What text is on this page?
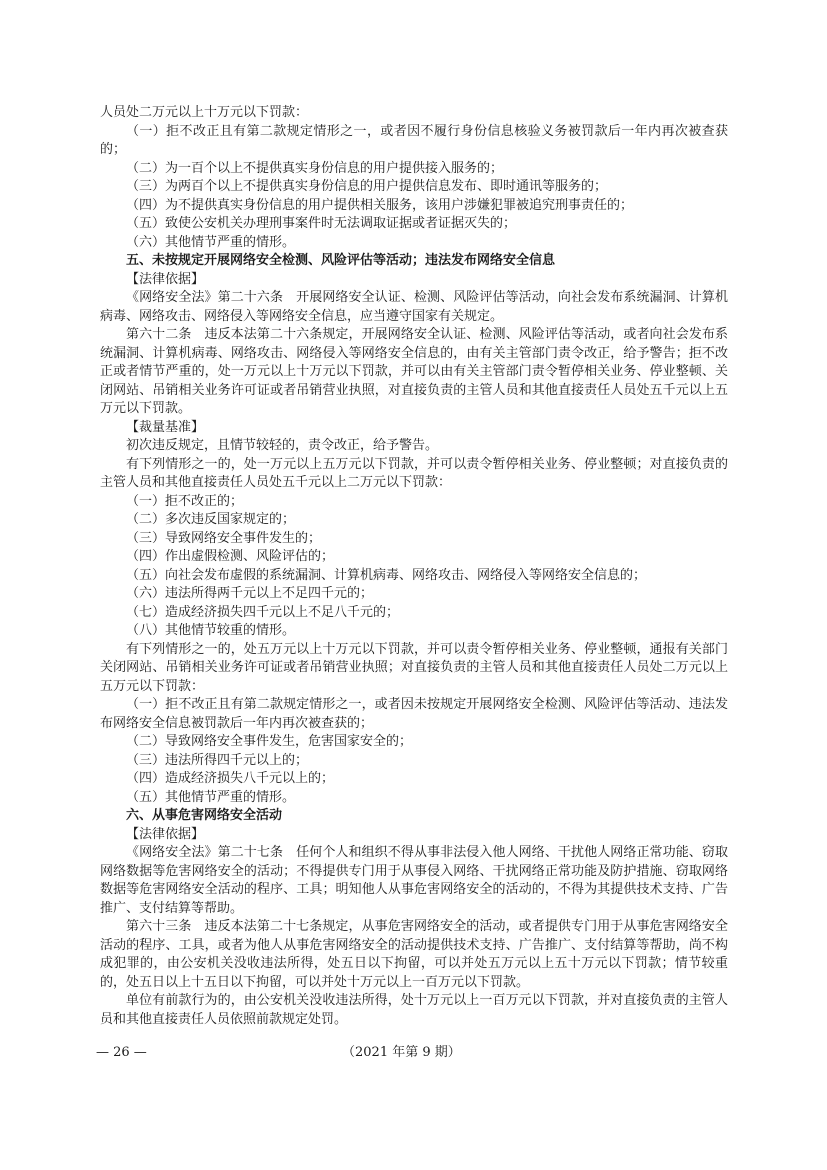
人员处二万元以上十万元以下罚款：

（一）拒不改正且有第二款规定情形之一，或者因不履行身份信息核验义务被罚款后一年内再次被查获的；

（二）为一百个以上不提供真实身份信息的用户提供接入服务的；

（三）为两百个以上不提供真实身份信息的用户提供信息发布、即时通讯等服务的；

（四）为不提供真实身份信息的用户提供相关服务，该用户涉嫌犯罪被追究刑事责任的；

（五）致使公安机关办理刑事案件时无法调取证据或者证据灭失的；

（六）其他情节严重的情形。

五、未按规定开展网络安全检测、风险评估等活动；违法发布网络安全信息

【法律依据】

《网络安全法》第二十六条　开展网络安全认证、检测、风险评估等活动，向社会发布系统漏洞、计算机病毒、网络攻击、网络侵入等网络安全信息，应当遵守国家有关规定。

第六十二条　违反本法第二十六条规定，开展网络安全认证、检测、风险评估等活动，或者向社会发布系统漏洞、计算机病毒、网络攻击、网络侵入等网络安全信息的，由有关主管部门责令改正，给予警告；拒不改正或者情节严重的，处一万元以上十万元以下罚款，并可以由有关主管部门责令暂停相关业务、停业整顿、关闭网站、吊销相关业务许可证或者吊销营业执照，对直接负责的主管人员和其他直接责任人员处五千元以上五万元以下罚款。

【裁量基准】

初次违反规定，且情节较轻的，责令改正，给予警告。

有下列情形之一的，处一万元以上五万元以下罚款，并可以责令暂停相关业务、停业整顿；对直接负责的主管人员和其他直接责任人员处五千元以上二万元以下罚款：

（一）拒不改正的；

（二）多次违反国家规定的；

（三）导致网络安全事件发生的；

（四）作出虚假检测、风险评估的；

（五）向社会发布虚假的系统漏洞、计算机病毒、网络攻击、网络侵入等网络安全信息的；

（六）违法所得两千元以上不足四千元的；

（七）造成经济损失四千元以上不足八千元的；

（八）其他情节较重的情形。

有下列情形之一的，处五万元以上十万元以下罚款，并可以责令暂停相关业务、停业整顿，通报有关部门关闭网站、吊销相关业务许可证或者吊销营业执照；对直接负责的主管人员和其他直接责任人员处二万元以上五万元以下罚款：

（一）拒不改正且有第二款规定情形之一，或者因未按规定开展网络安全检测、风险评估等活动、违法发布网络安全信息被罚款后一年内再次被查获的；

（二）导致网络安全事件发生，危害国家安全的；

（三）违法所得四千元以上的；

（四）造成经济损失八千元以上的；

（五）其他情节严重的情形。

六、从事危害网络安全活动

【法律依据】

《网络安全法》第二十七条　任何个人和组织不得从事非法侵入他人网络、干扰他人网络正常功能、窃取网络数据等危害网络安全的活动；不得提供专门用于从事侵入网络、干扰网络正常功能及防护措施、窃取网络数据等危害网络安全活动的程序、工具；明知他人从事危害网络安全的活动的，不得为其提供技术支持、广告推广、支付结算等帮助。

第六十三条　违反本法第二十七条规定，从事危害网络安全的活动，或者提供专门用于从事危害网络安全活动的程序、工具，或者为他人从事危害网络安全的活动提供技术支持、广告推广、支付结算等帮助，尚不构成犯罪的，由公安机关没收违法所得，处五日以下拘留，可以并处五万元以上五十万元以下罚款；情节较重的，处五日以上十五日以下拘留，可以并处十万元以上一百万元以下罚款。

单位有前款行为的，由公安机关没收违法所得，处十万元以上一百万元以下罚款，并对直接负责的主管人员和其他直接责任人员依照前款规定处罚。

— 26 —	（2021 年第 9 期）
